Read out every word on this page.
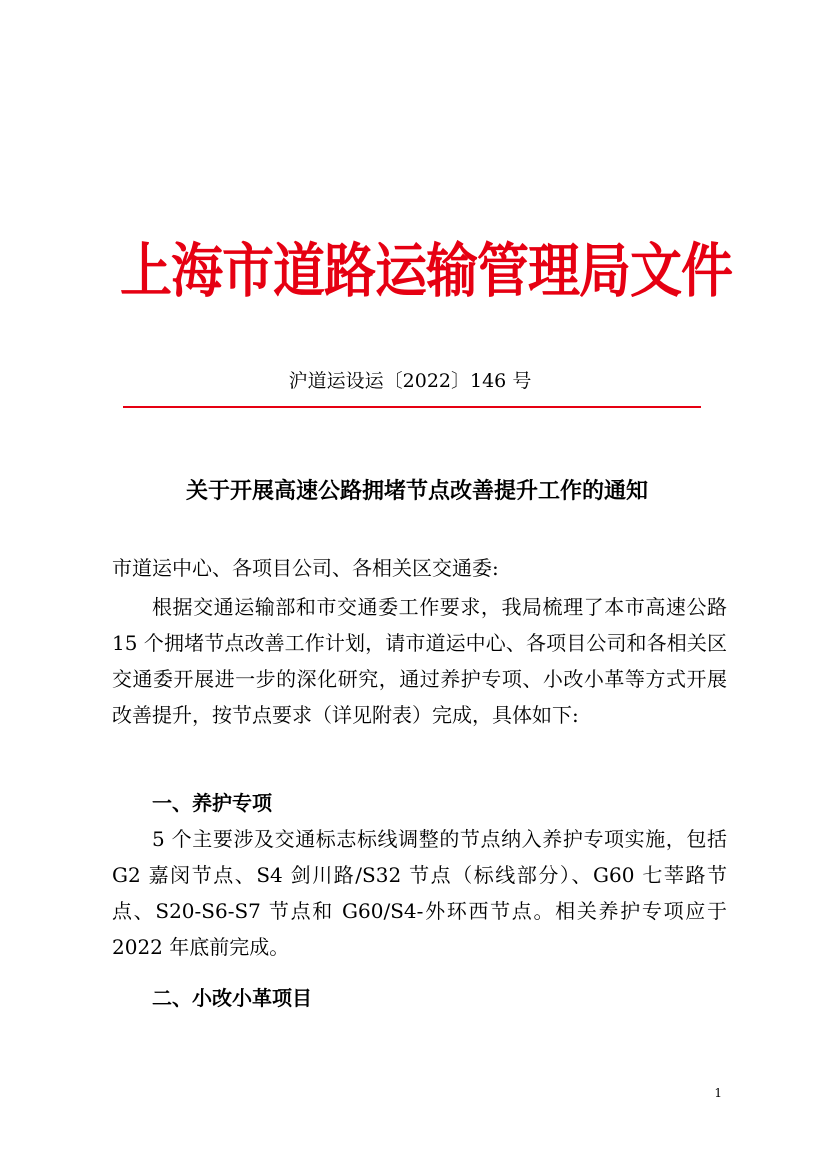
上海市道路运输管理局文件
沪道运设运〔2022〕146 号
关于开展高速公路拥堵节点改善提升工作的通知
市道运中心、各项目公司、各相关区交通委:
根据交通运输部和市交通委工作要求，我局梳理了本市高速公路 15 个拥堵节点改善工作计划，请市道运中心、各项目公司和各相关区交通委开展进一步的深化研究，通过养护专项、小改小革等方式开展改善提升，按节点要求（详见附表）完成，具体如下:
一、养护专项
5 个主要涉及交通标志标线调整的节点纳入养护专项实施，包括 G2 嘉闵节点、S4 剑川路/S32 节点（标线部分）、G60 七莘路节点、S20-S6-S7 节点和 G60/S4-外环西节点。相关养护专项应于 2022 年底前完成。
二、小改小革项目
1
